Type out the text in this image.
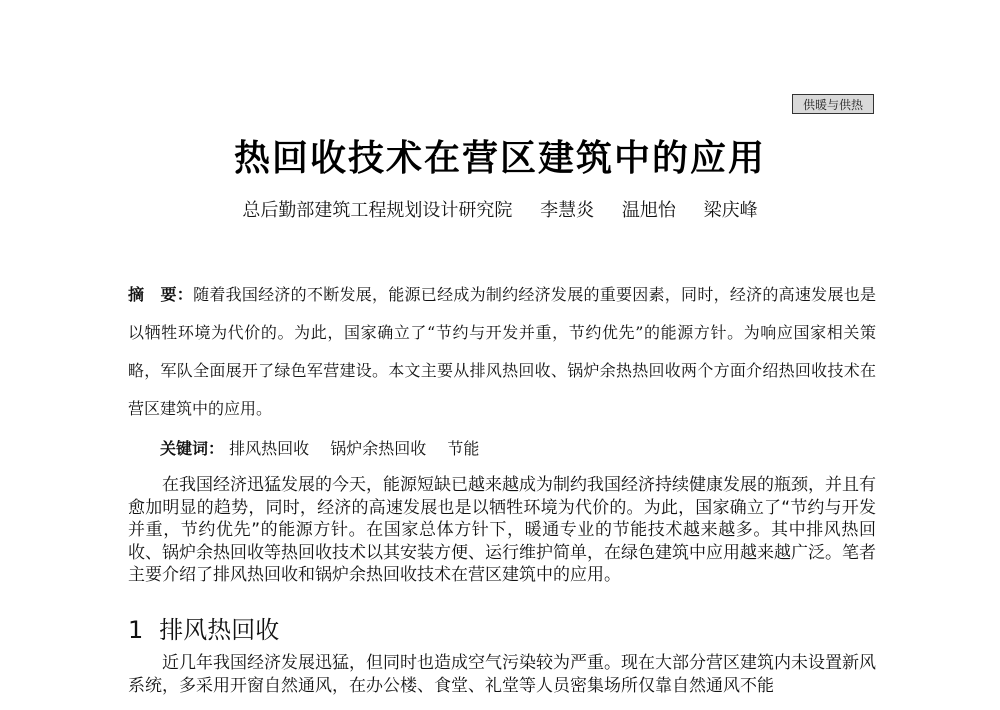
供暖与供热
热回收技术在营区建筑中的应用
总后勤部建筑工程规划设计研究院 李慧炎 温旭怡 梁庆峰
摘　要：随着我国经济的不断发展，能源已经成为制约经济发展的重要因素，同时，经济的高速发展也是以牺牲环境为代价的。为此，国家确立了“节约与开发并重，节约优先”的能源方针。为响应国家相关策略，军队全面展开了绿色军营建设。本文主要从排风热回收、锅炉余热热回收两个方面介绍热回收技术在营区建筑中的应用。
关键词： 排风热回收 锅炉余热回收 节能
在我国经济迅猛发展的今天，能源短缺已越来越成为制约我国经济持续健康发展的瓶颈，并且有愈加明显的趋势，同时，经济的高速发展也是以牺牲环境为代价的。为此，国家确立了“节约与开发并重，节约优先”的能源方针。在国家总体方针下，暖通专业的节能技术越来越多。其中排风热回收、锅炉余热回收等热回收技术以其安装方便、运行维护简单，在绿色建筑中应用越来越广泛。笔者主要介绍了排风热回收和锅炉余热回收技术在营区建筑中的应用。
1 排风热回收
近几年我国经济发展迅猛，但同时也造成空气污染较为严重。现在大部分营区建筑内未设置新风系统，多采用开窗自然通风，在办公楼、食堂、礼堂等人员密集场所仅靠自然通风不能
